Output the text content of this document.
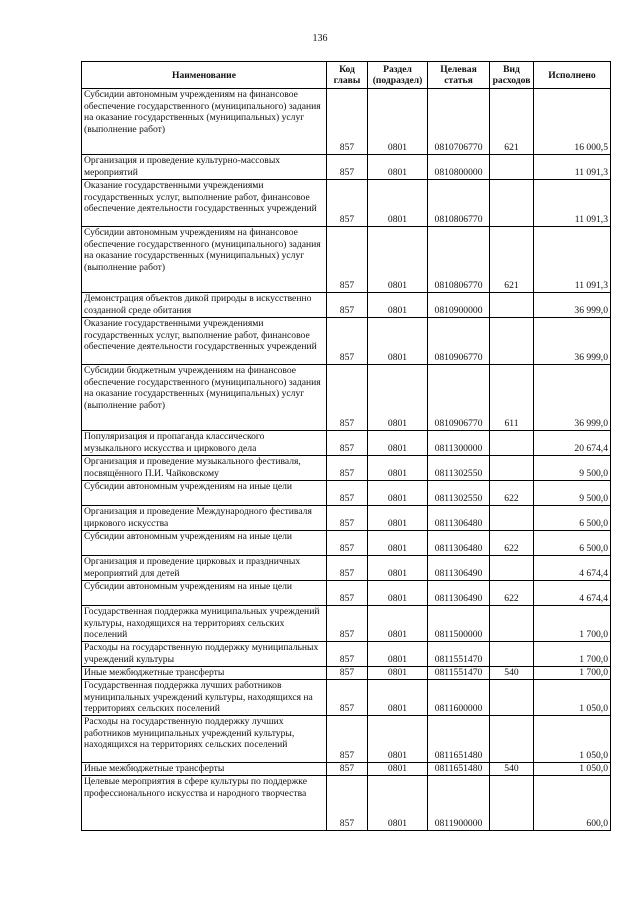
136
Наименование	Код главы	Раздел (подраздел)	Целевая статья	Вид расходов	Исполнено
Субсидии автономным учреждениям на финансовое обеспечение государственного (муниципального) задания на оказание государственных (муниципальных) услуг (выполнение работ)	857	0801	0810706770	621	16 000,5
Организация и проведение культурно-массовых мероприятий	857	0801	0810800000		11 091,3
Оказание государственными учреждениями государственных услуг, выполнение работ, финансовое обеспечение деятельности государственных учреждений	857	0801	0810806770		11 091,3
Субсидии автономным учреждениям на финансовое обеспечение государственного (муниципального) задания на оказание государственных (муниципальных) услуг (выполнение работ)	857	0801	0810806770	621	11 091,3
Демонстрация объектов дикой природы в искусственно созданной среде обитания	857	0801	0810900000		36 999,0
Оказание государственными учреждениями государственных услуг, выполнение работ, финансовое обеспечение деятельности государственных учреждений	857	0801	0810906770		36 999,0
Субсидии бюджетным учреждениям на финансовое обеспечение государственного (муниципального) задания на оказание государственных (муниципальных) услуг (выполнение работ)	857	0801	0810906770	611	36 999,0
Популяризация и пропаганда классического музыкального искусства и циркового дела	857	0801	0811300000		20 674,4
Организация и проведение музыкального фестиваля, посвящённого П.И. Чайковскому	857	0801	0811302550		9 500,0
Субсидии автономным учреждениям на иные цели	857	0801	0811302550	622	9 500,0
Организация и проведение Международного фестиваля циркового искусства	857	0801	0811306480		6 500,0
Субсидии автономным учреждениям на иные цели	857	0801	0811306480	622	6 500,0
Организация и проведение цирковых и праздничных мероприятий для детей	857	0801	0811306490		4 674,4
Субсидии автономным учреждениям на иные цели	857	0801	0811306490	622	4 674,4
Государственная поддержка муниципальных учреждений культуры, находящихся на территориях сельских поселений	857	0801	0811500000		1 700,0
Расходы на государственную поддержку муниципальных учреждений культуры	857	0801	0811551470		1 700,0
Иные межбюджетные трансферты	857	0801	0811551470	540	1 700,0
Государственная поддержка лучших работников муниципальных учреждений культуры, находящихся на территориях сельских поселений	857	0801	0811600000		1 050,0
Расходы на государственную поддержку лучших работников муниципальных учреждений культуры, находящихся на территориях сельских поселений	857	0801	0811651480		1 050,0
Иные межбюджетные трансферты	857	0801	0811651480	540	1 050,0
Целевые мероприятия в сфере культуры по поддержке профессионального искусства и народного творчества	857	0801	0811900000		600,0
